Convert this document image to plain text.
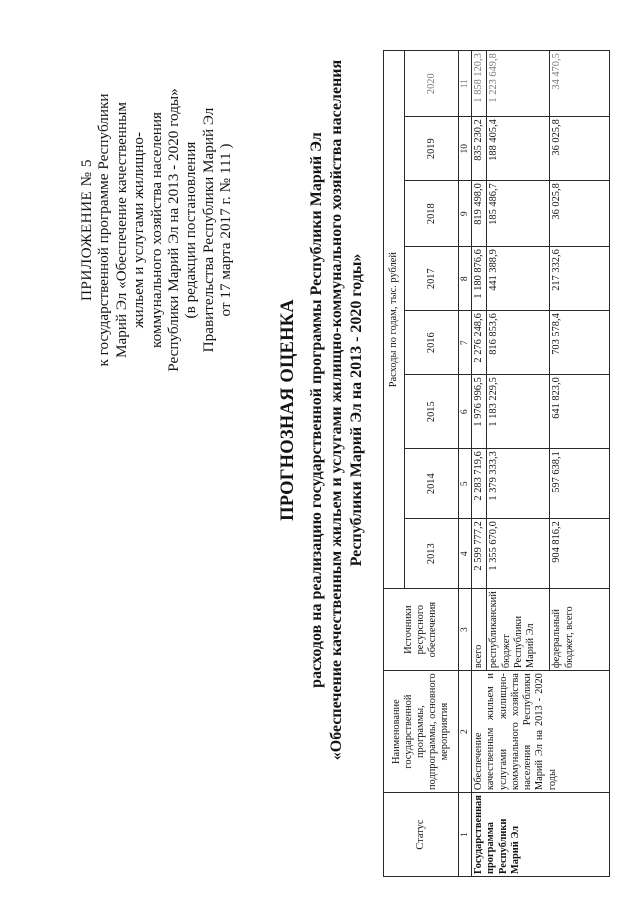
ПРИЛОЖЕНИЕ № 5 к государственной программе Республики Марий Эл «Обеспечение качественным жильем и услугами жилищно- коммунального хозяйства населения Республики Марий Эл на 2013 - 2020 годы» (в редакции постановления Правительства Республики Марий Эл от 17 марта 2017 г. № 111 )
ПРОГНОЗНАЯ ОЦЕНКА расходов на реализацию государственной программы Республики Марий Эл «Обеспечение качественным жильем и услугами жилищно-коммунального хозяйства населения Республики Марий Эл на 2013 - 2020 годы»
Статус	Наименование государственной программы, подпрограммы, основного мероприятия	Источники ресурсного обеспечения	Расходы по годам, тыс. рублей							
			2013	2014	2015	2016	2017	2018	2019	2020
1	2	3	4	5	6	7	8	9	10	11
Государственная программа Республики Марий Эл	Обеспечение качественным жильем и услугами жилищно-коммунального хозяйства населения Республики Марий Эл на 2013 - 2020 годы	всего	2 599 777,2	2 283 719,6	1 976 996,5	2 276 248,6	1 180 876,6	819 498,0	835 230,2	1 858 120,3
		республиканский бюджет Республики Марий Эл	1 355 670,0	1 379 333,3	1 183 229,5	816 853,6	441 388,9	185 486,7	188 405,4	1 223 649,8
		федеральный бюджет, всего	904 816,2	597 638,1	641 823,0	703 578,4	217 332,6	36 025,8	36 025,8	34 470,5
